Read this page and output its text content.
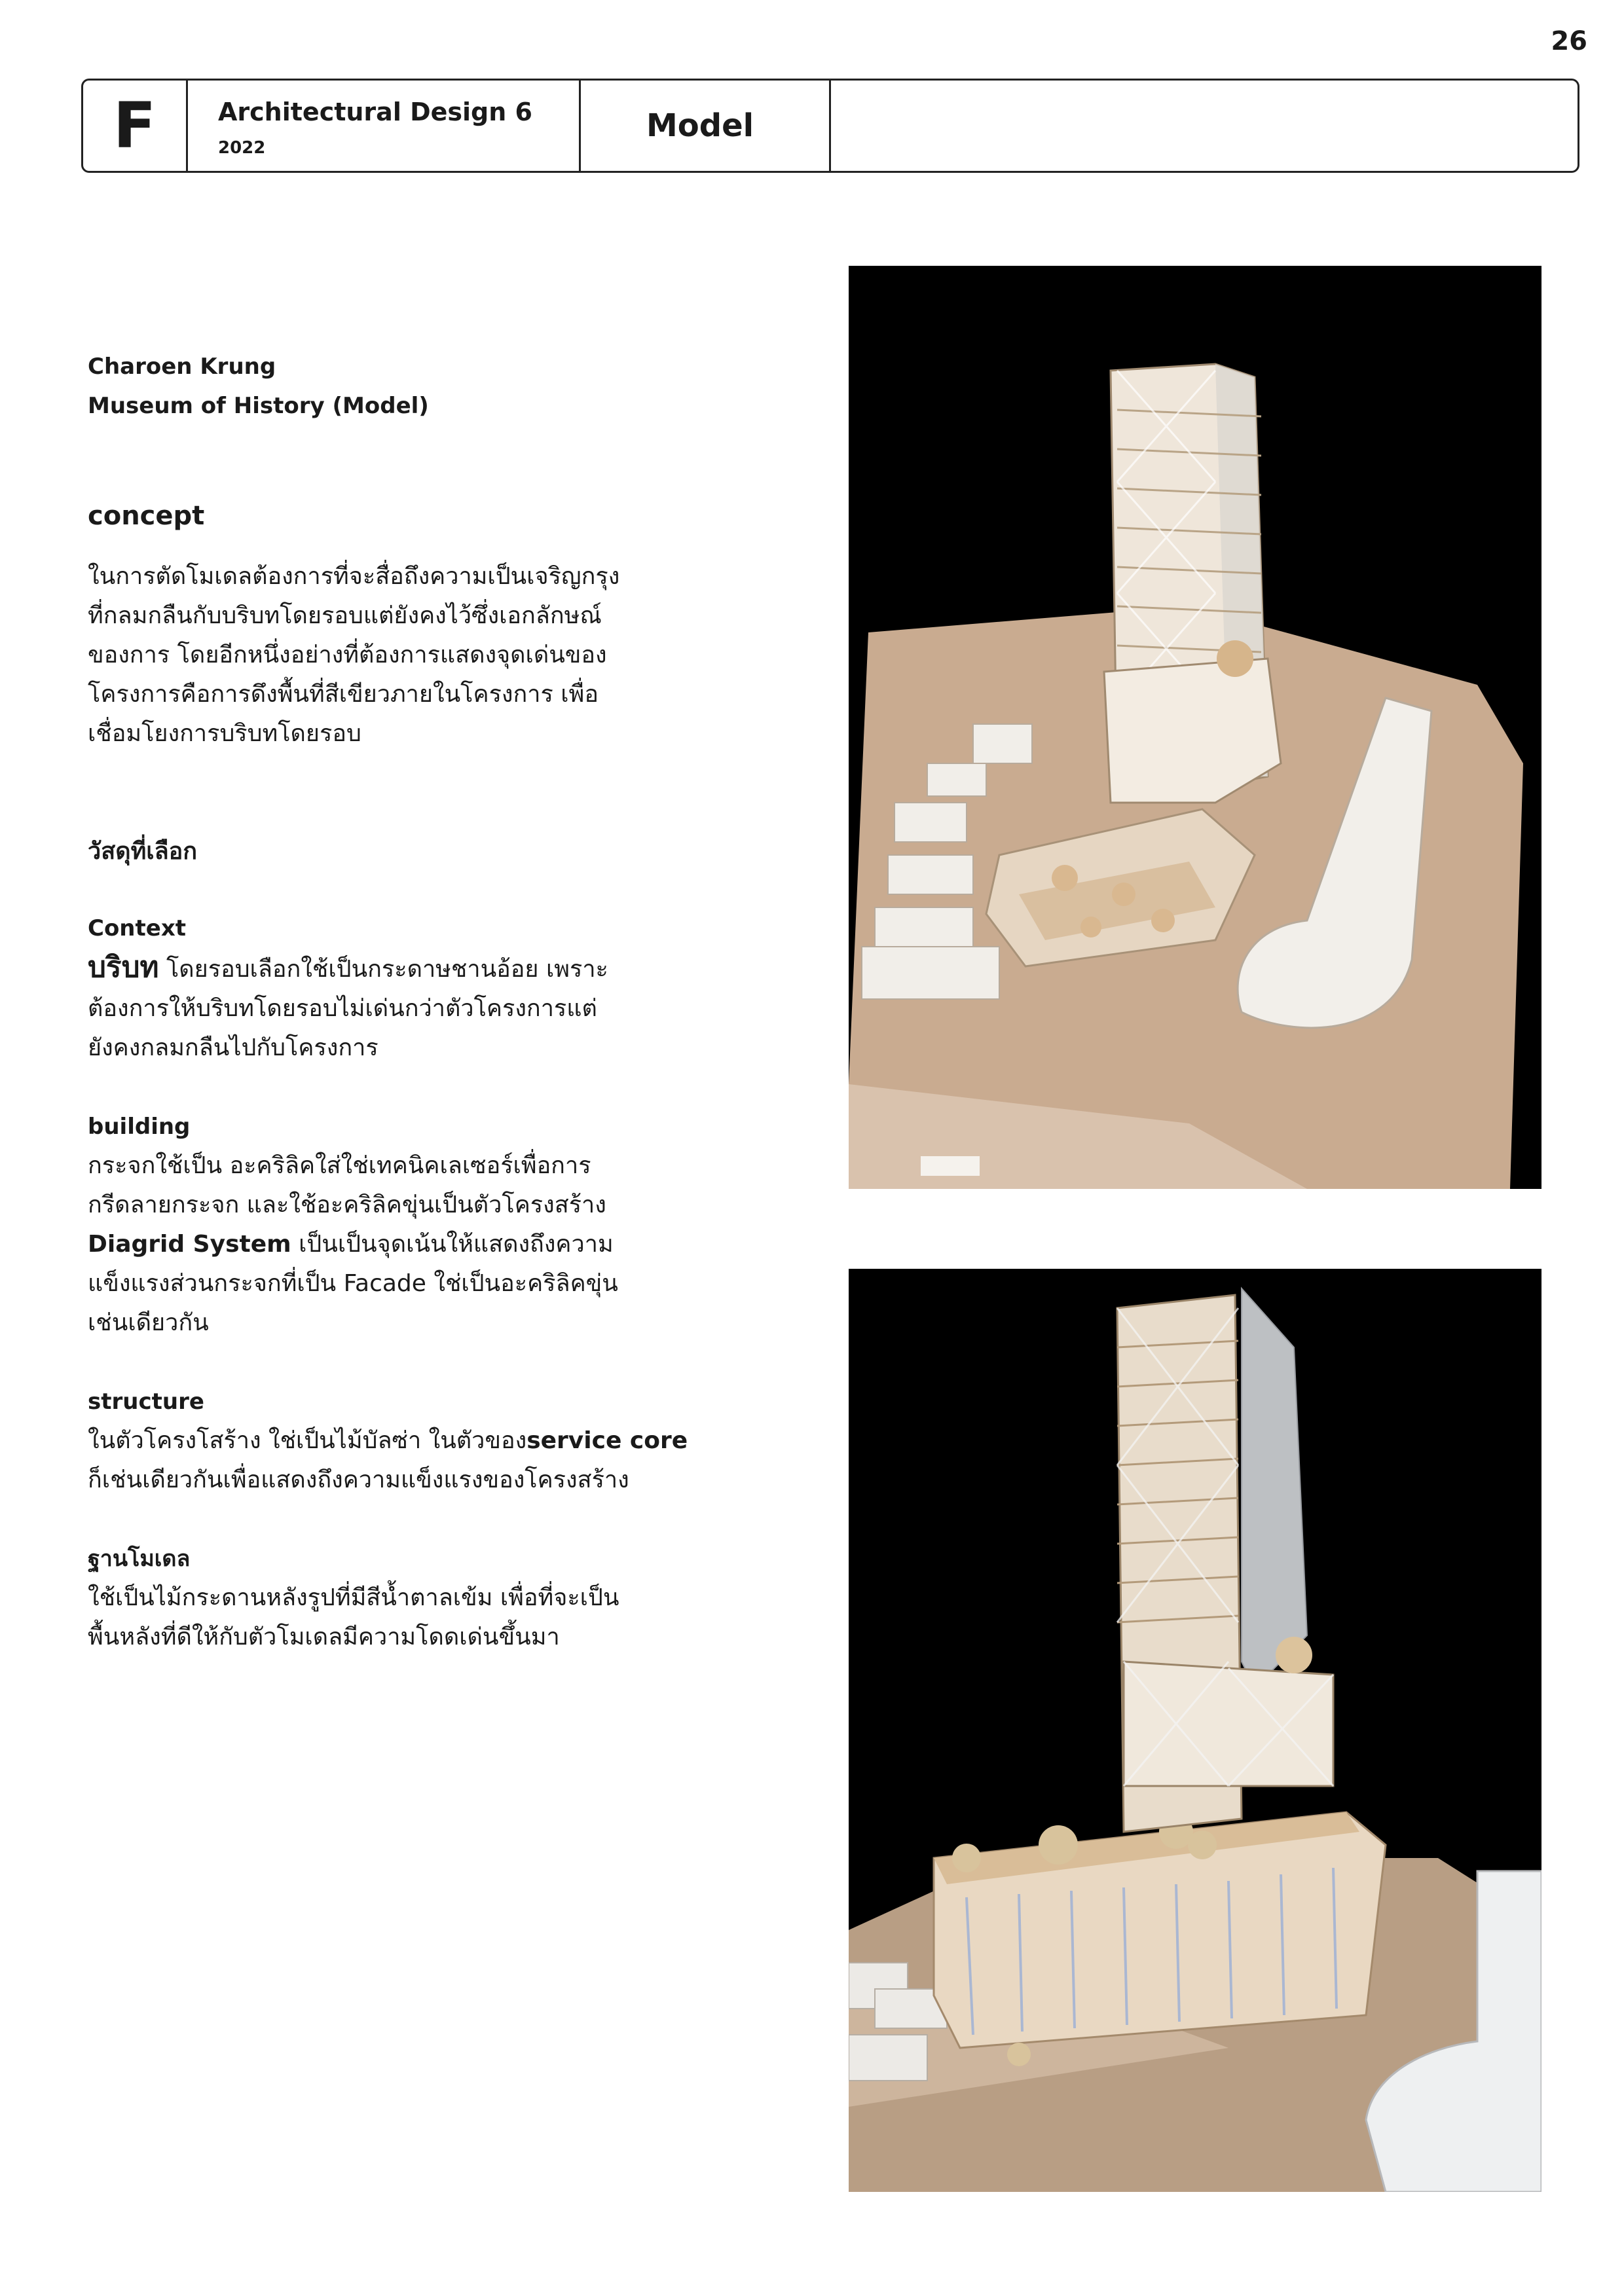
26
F Architectural Design 6
2022
Model
Charoen Krung
Museum of History (Model)
concept
ในการตัดโมเดลต้องการที่จะสื่อถึงความเป็นเจริญกรุง
ที่กลมกลืนกับบริบทโดยรอบแต่ยังคงไว้ซึ่งเอกลักษณ์
ของการ โดยอีกหนึ่งอย่างที่ต้องการแสดงจุดเด่นของ
โครงการคือการดึงพื้นที่สีเขียวภายในโครงการ เพื่อ
เชื่อมโยงการบริบทโดยรอบ
วัสดุที่เลือก
Context
บริบท โดยรอบเลือกใช้เป็นกระดาษชานอ้อย เพราะ
ต้องการให้บริบทโดยรอบไม่เด่นกว่าตัวโครงการแต่
ยังคงกลมกลืนไปกับโครงการ
building
กระจกใช้เป็น อะคริลิคใส่ใช่เทคนิคเลเซอร์เพื่อการ
กรีดลายกระจก และใช้อะคริลิคขุ่นเป็นตัวโครงสร้าง
Diagrid System เป็นเป็นจุดเน้นให้แสดงถึงความ
แข็งแรงส่วนกระจกที่เป็น Facade ใช่เป็นอะคริลิคขุ่น
เช่นเดียวกัน
structure
ในตัวโครงโสร้าง ใช่เป็นไม้บัลซ่า ในตัวของservice core
ก็เช่นเดียวกันเพื่อแสดงถึงความแข็งแรงของโครงสร้าง
ฐานโมเดล
ใช้เป็นไม้กระดานหลังรูปที่มีสีน้ำตาลเข้ม เพื่อที่จะเป็น
พื้นหลังที่ดีให้กับตัวโมเดลมีความโดดเด่นขึ้นมา
